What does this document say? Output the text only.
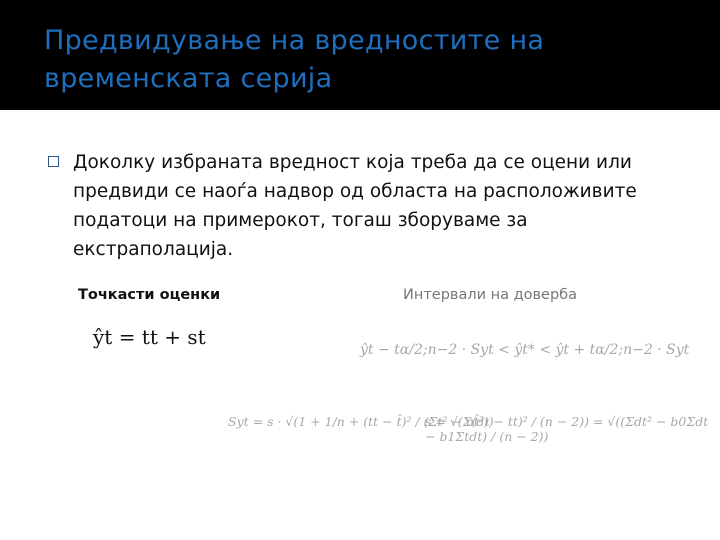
Предвидување на вредностите на временската серија
Доколку избраната вредност која треба да се оцени или предвиди се наоѓа надвор од областа на расположивите податоци на примерокот, тогаш зборуваме за екстраполација.
Точкасти оценки	Интервали на доверба
ŷt = tt + st
ŷt − tα/2;n−2 · Syt < ŷt* < ŷt + tα/2;n−2 · Syt
Syt = s · √(1 + 1/n + (tt − t̄)² / (Σt² − nt̄²))
s = √(Σ(dt − tt)² / (n − 2)) = √((Σdt² − b0Σdt − b1Σtdt) / (n − 2))
